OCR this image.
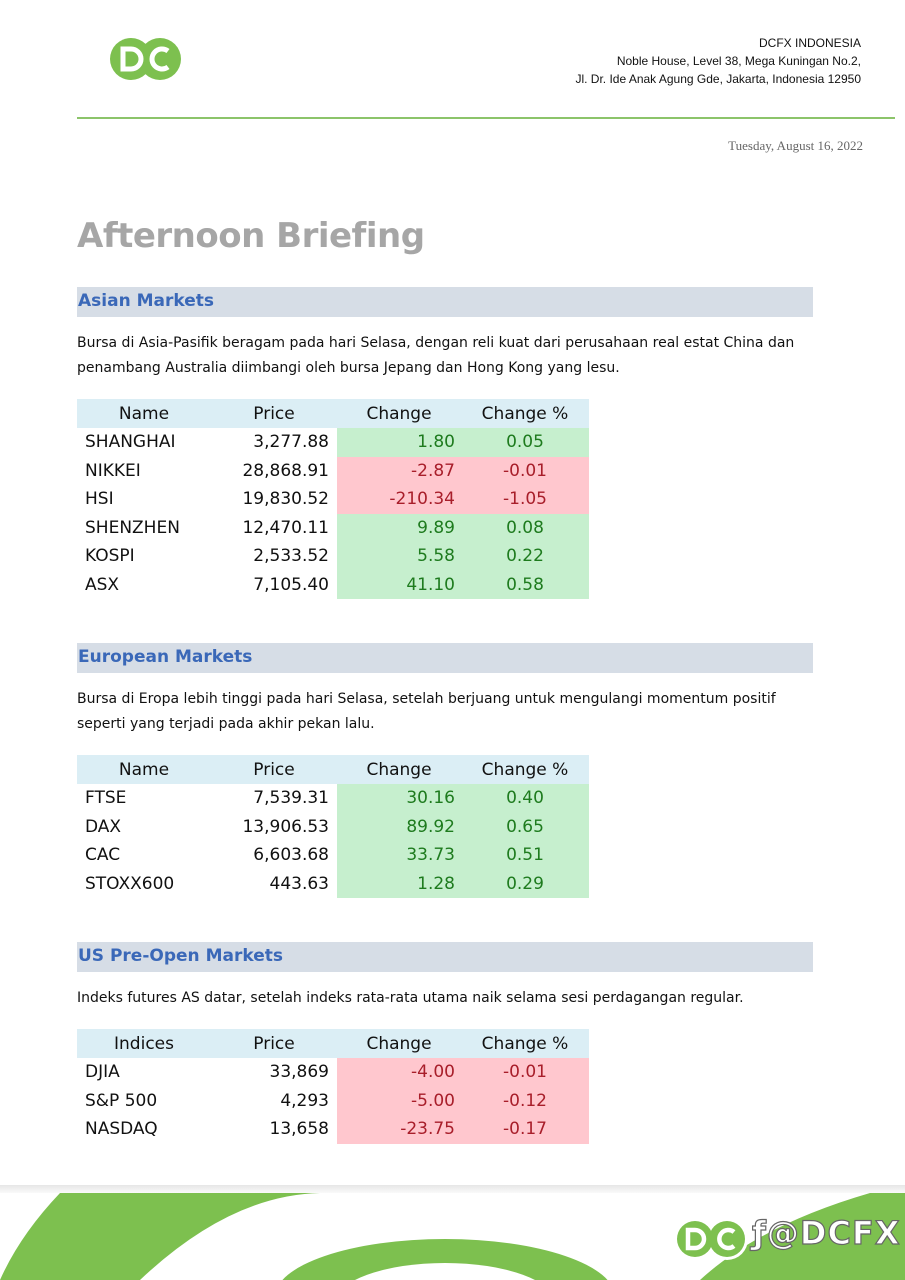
DCFX INDONESIA
Noble House, Level 38, Mega Kuningan No.2,
Jl. Dr. Ide Anak Agung Gde, Jakarta, Indonesia 12950
Tuesday, August 16, 2022
Afternoon Briefing
Asian Markets
Bursa di Asia-Pasifik beragam pada hari Selasa, dengan reli kuat dari perusahaan real estat China dan penambang Australia diimbangi oleh bursa Jepang dan Hong Kong yang lesu.
Name	Price	Change	Change %
SHANGHAI	3,277.88	1.80	0.05
NIKKEI	28,868.91	-2.87	-0.01
HSI	19,830.52	-210.34	-1.05
SHENZHEN	12,470.11	9.89	0.08
KOSPI	2,533.52	5.58	0.22
ASX	7,105.40	41.10	0.58
European Markets
Bursa di Eropa lebih tinggi pada hari Selasa, setelah berjuang untuk mengulangi momentum positif seperti yang terjadi pada akhir pekan lalu.
Name	Price	Change	Change %
FTSE	7,539.31	30.16	0.40
DAX	13,906.53	89.92	0.65
CAC	6,603.68	33.73	0.51
STOXX600	443.63	1.28	0.29
US Pre-Open Markets
Indeks futures AS datar, setelah indeks rata-rata utama naik selama sesi perdagangan regular.
Indices	Price	Change	Change %
DJIA	33,869	-4.00	-0.01
S&P 500	4,293	-5.00	-0.12
NASDAQ	13,658	-23.75	-0.17
ƒ@DCFX
